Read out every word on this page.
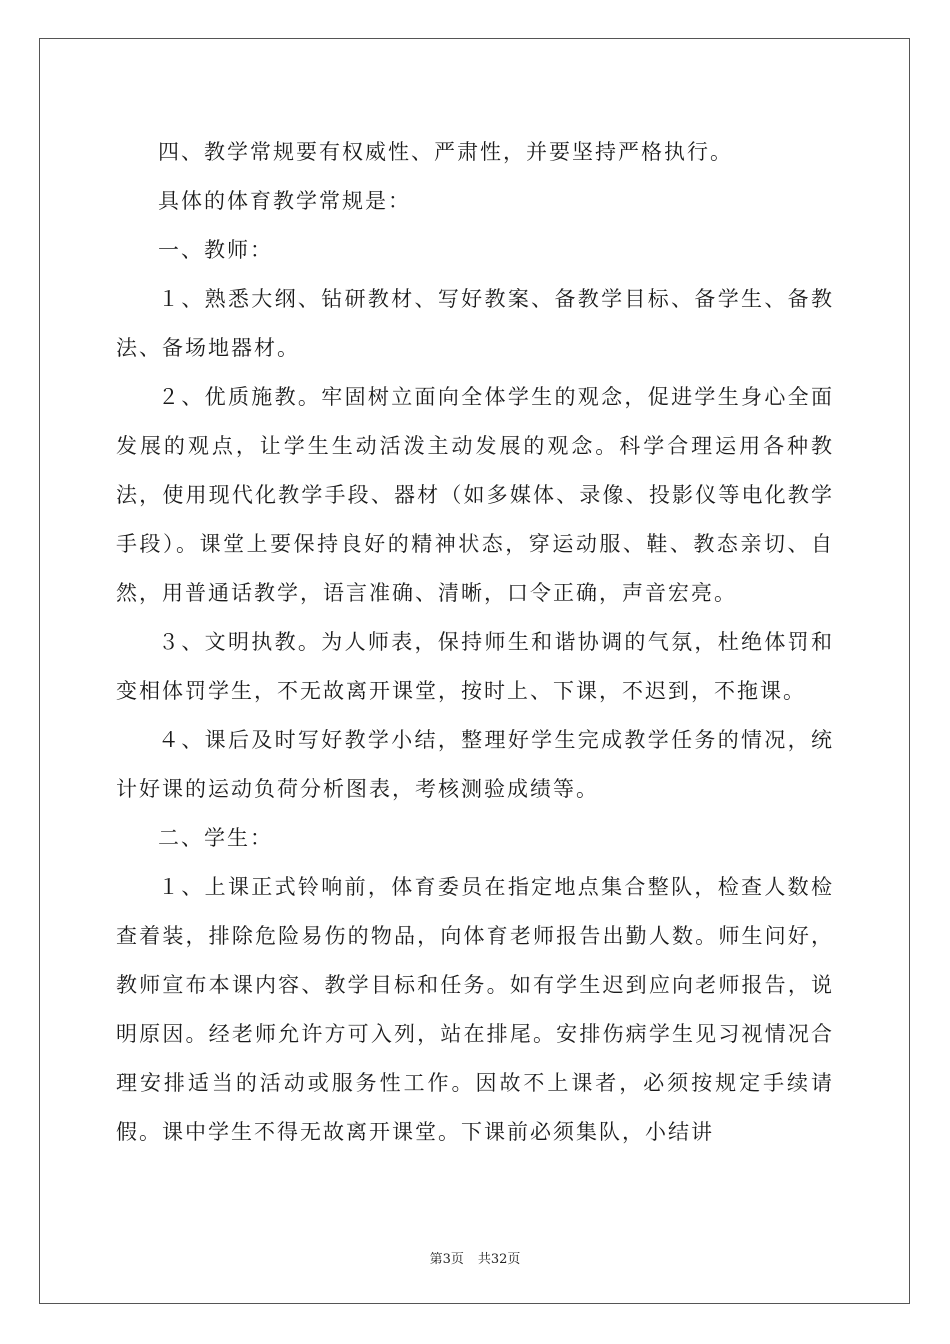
四、教学常规要有权威性、严肃性，并要坚持严格执行。

具体的体育教学常规是：

一、教师：

１、熟悉大纲、钻研教材、写好教案、备教学目标、备学生、备教法、备场地器材。

２、优质施教。牢固树立面向全体学生的观念，促进学生身心全面发展的观点，让学生生动活泼主动发展的观念。科学合理运用各种教法，使用现代化教学手段、器材（如多媒体、录像、投影仪等电化教学手段）。课堂上要保持良好的精神状态，穿运动服、鞋、教态亲切、自然，用普通话教学，语言准确、清晰，口令正确，声音宏亮。

３、文明执教。为人师表，保持师生和谐协调的气氛，杜绝体罚和变相体罚学生，不无故离开课堂，按时上、下课，不迟到，不拖课。

４、课后及时写好教学小结，整理好学生完成教学任务的情况，统计好课的运动负荷分析图表，考核测验成绩等。

二、学生：

１、上课正式铃响前，体育委员在指定地点集合整队，检查人数检查着装，排除危险易伤的物品，向体育老师报告出勤人数。师生问好，教师宣布本课内容、教学目标和任务。如有学生迟到应向老师报告，说明原因。经老师允许方可入列，站在排尾。安排伤病学生见习视情况合理安排适当的活动或服务性工作。因故不上课者，必须按规定手续请假。课中学生不得无故离开课堂。下课前必须集队，小结讲

第3页 共32页
